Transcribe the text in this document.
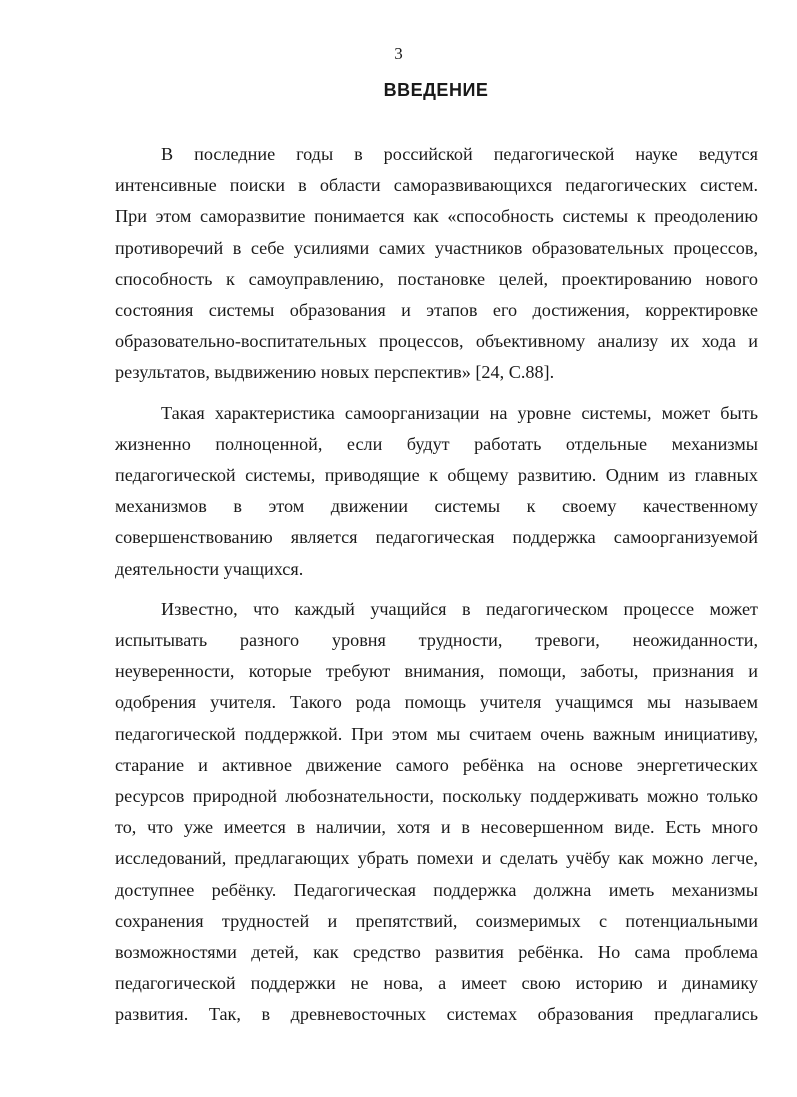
3
ВВЕДЕНИЕ
В последние годы в российской педагогической науке ведутся
интенсивные поиски в области саморазвивающихся педагогических систем.
При этом саморазвитие понимается как «способность системы к преодолению
противоречий в себе усилиями самих участников образовательных процессов,
способность к самоуправлению, постановке целей, проектированию нового
состояния системы образования и этапов его достижения, корректировке
образовательно-воспитательных процессов, объективному анализу их хода и
результатов, выдвижению новых перспектив» [24, С.88].
Такая характеристика самоорганизации на уровне системы, может быть
жизненно полноценной, если будут работать отдельные механизмы
педагогической системы, приводящие к общему развитию. Одним из главных
механизмов в этом движении системы к своему качественному
совершенствованию является педагогическая поддержка самоорганизуемой
деятельности учащихся.
Известно, что каждый учащийся в педагогическом процессе может
испытывать разного уровня трудности, тревоги, неожиданности,
неуверенности, которые требуют внимания, помощи, заботы, признания и
одобрения учителя. Такого рода помощь учителя учащимся мы называем
педагогической поддержкой. При этом мы считаем очень важным инициативу,
старание и активное движение самого ребёнка на основе энергетических
ресурсов природной любознательности, поскольку поддерживать можно только
то, что уже имеется в наличии, хотя и в несовершенном виде. Есть много
исследований, предлагающих убрать помехи и сделать учёбу как можно легче,
доступнее ребёнку. Педагогическая поддержка должна иметь механизмы
сохранения трудностей и препятствий, соизмеримых с потенциальными
возможностями детей, как средство развития ребёнка. Но сама проблема
педагогической поддержки не нова, а имеет свою историю и динамику
развития. Так, в древневосточных системах образования предлагались
